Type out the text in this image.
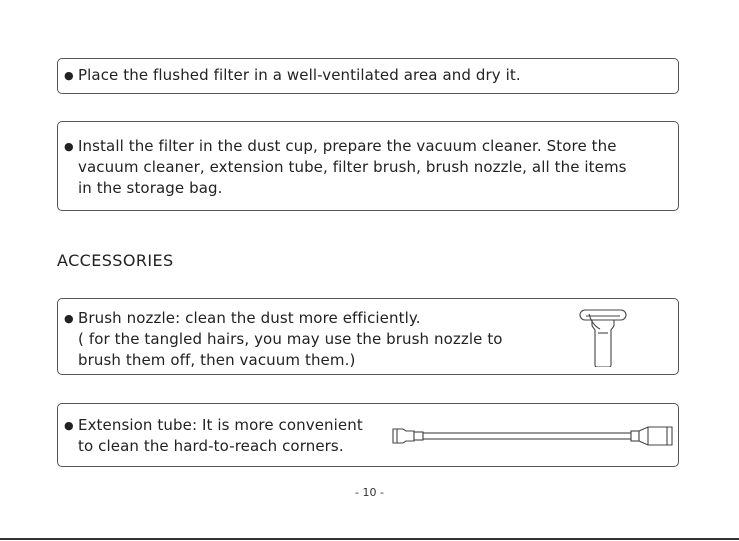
● Place the flushed filter in a well-ventilated area and dry it.
● Install the filter in the dust cup, prepare the vacuum cleaner. Store the
vacuum cleaner, extension tube, filter brush, brush nozzle, all the items
in the storage bag.
ACCESSORIES
● Brush nozzle: clean the dust more efficiently.
( for the tangled hairs, you may use the brush nozzle to
brush them off, then vacuum them.)
● Extension tube: It is more convenient
to clean the hard-to-reach corners.
- 10 -
